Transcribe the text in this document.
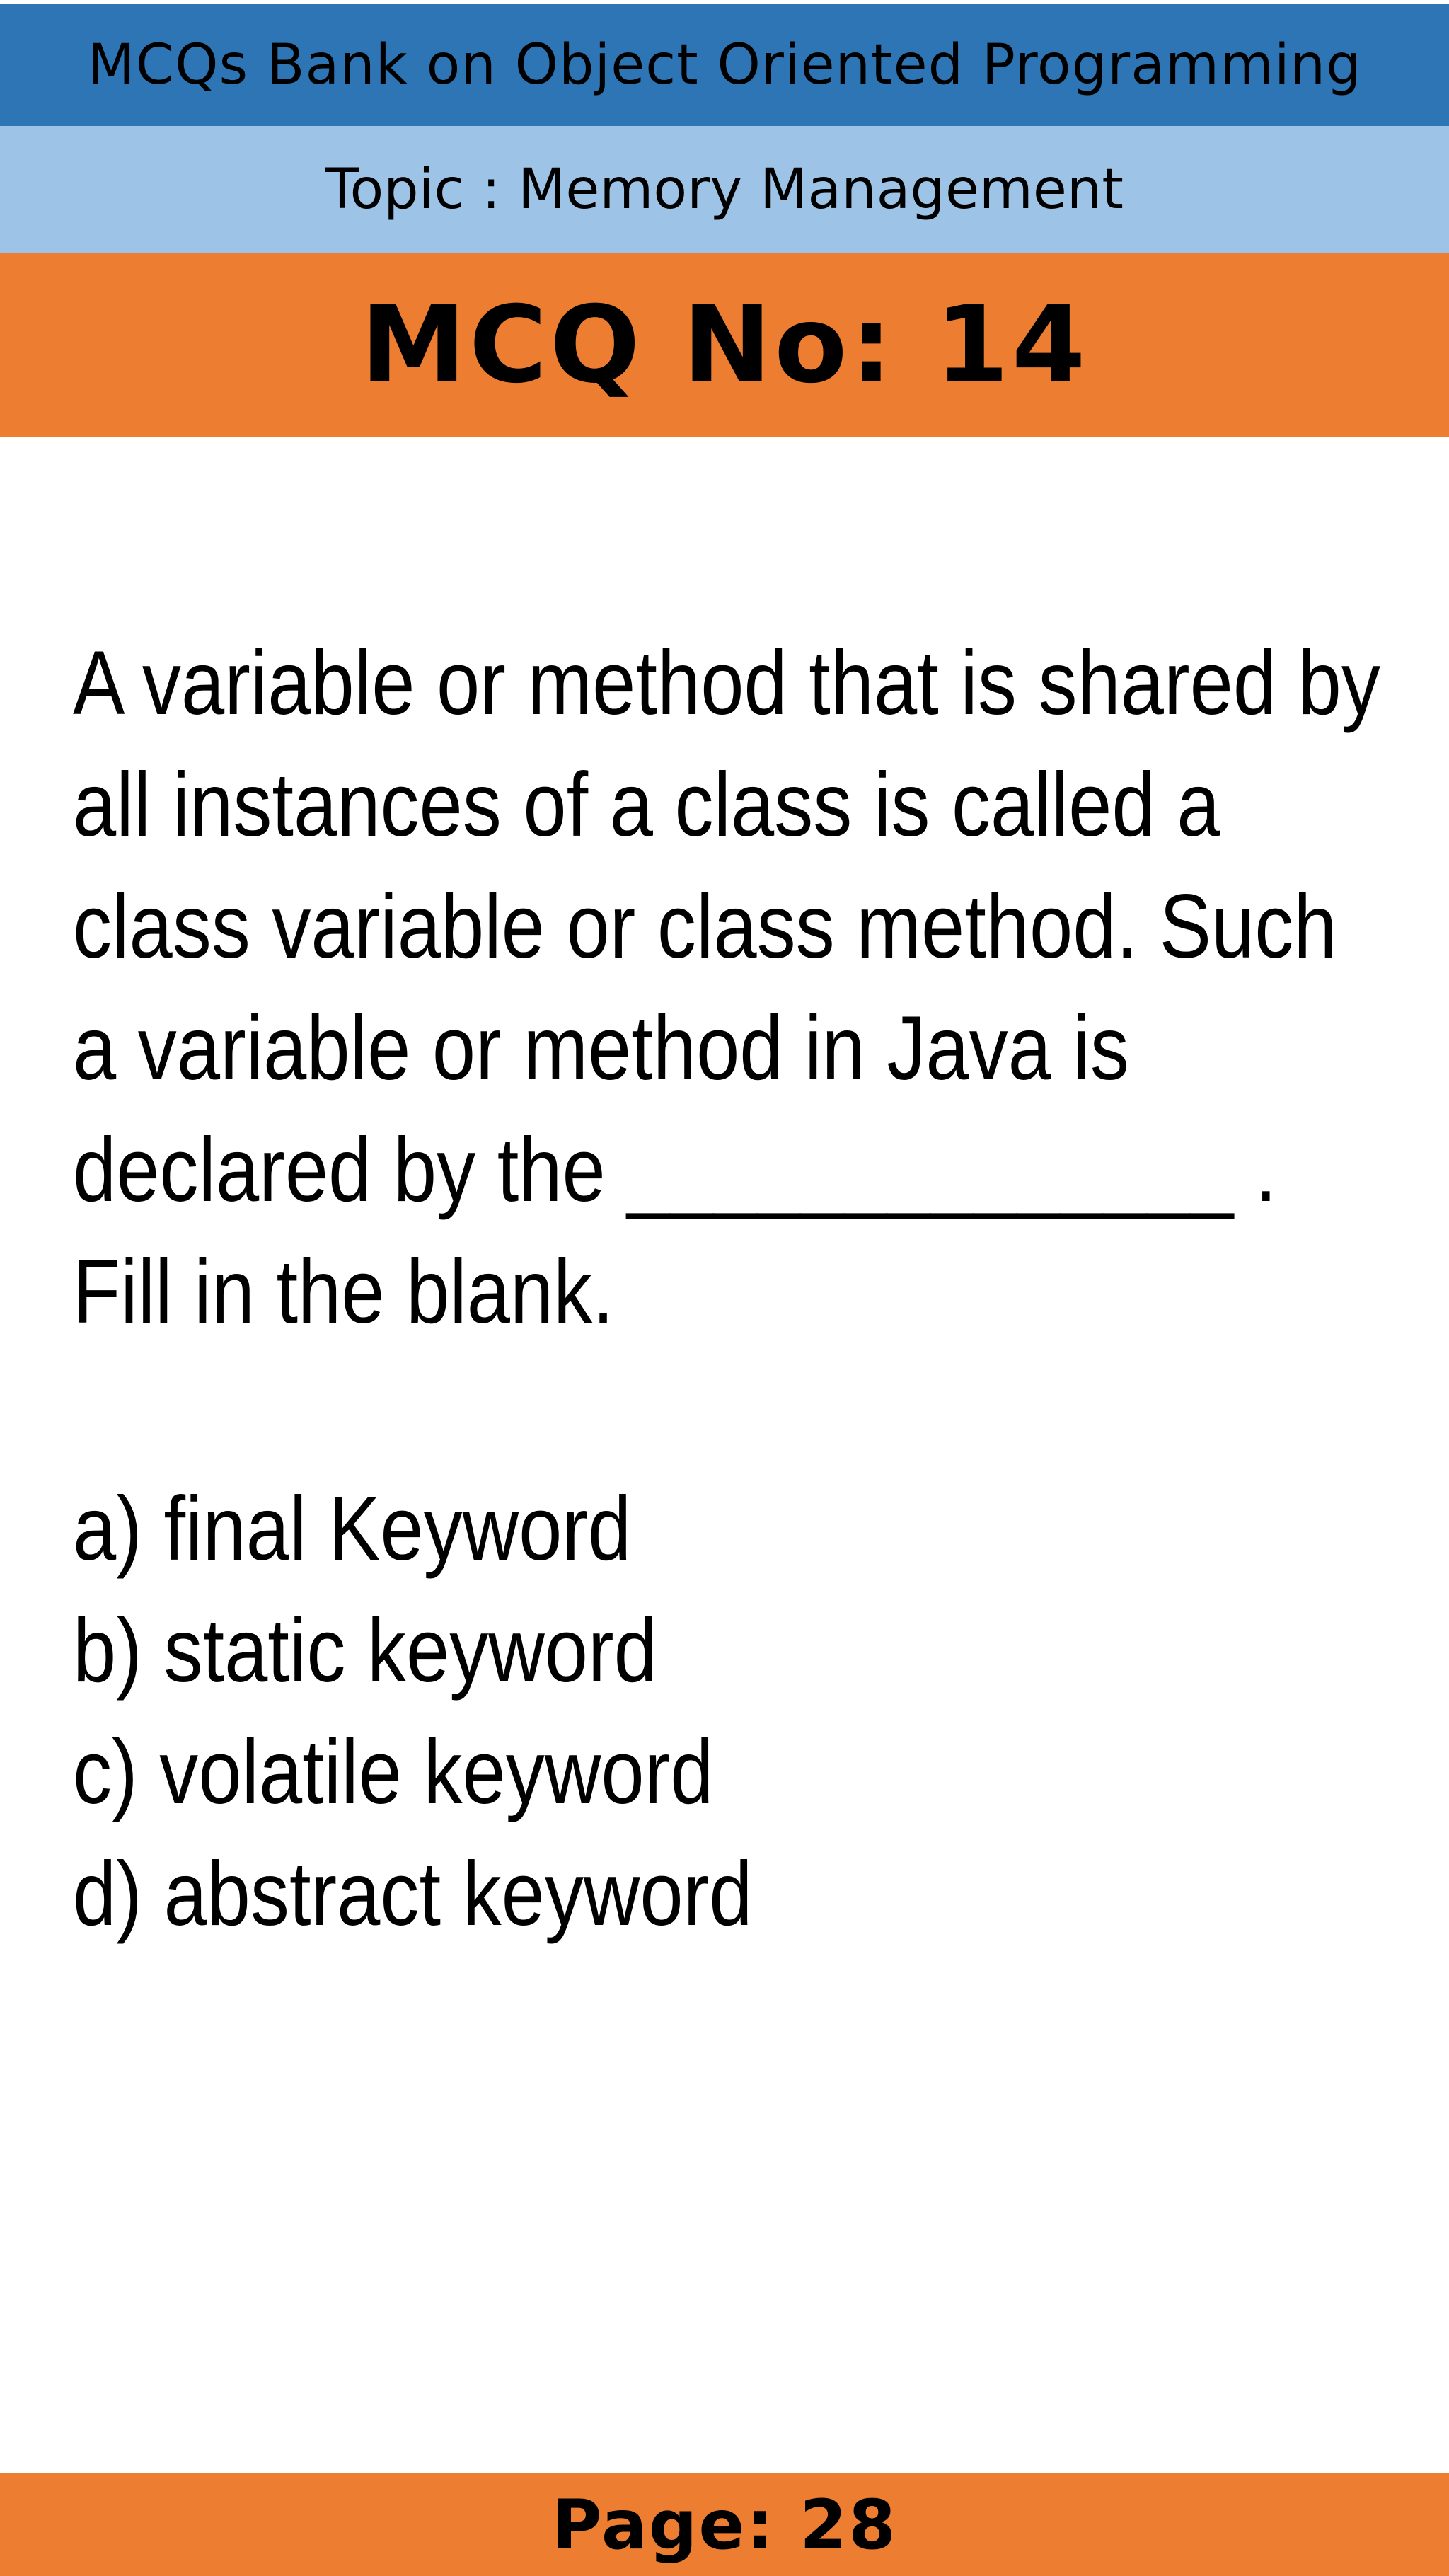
MCQs Bank on Object Oriented Programming
Topic : Memory Management
MCQ No: 14

A variable or method that is shared by all instances of a class is called a class variable or class method. Such a variable or method in Java is declared by the ______________ . Fill in the blank.

a) final Keyword
b) static keyword
c) volatile keyword
d) abstract keyword
Page: 28
